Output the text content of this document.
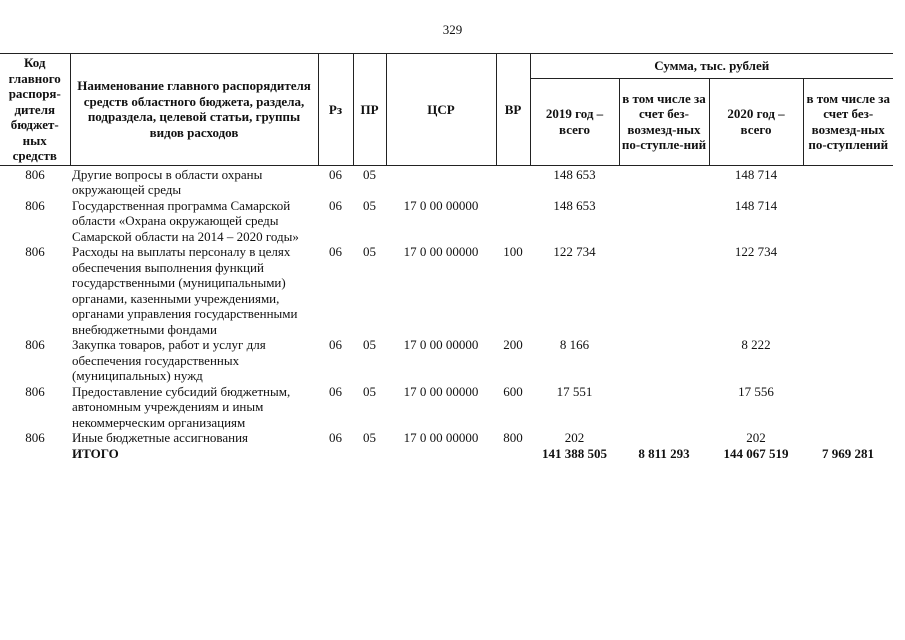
329
Код главного распоря-дителя бюджет-ных средств	Наименование главного распорядителя средств областного бюджета, раздела, подраздела, целевой статьи, группы видов расходов	Рз	ПР	ЦСР	ВР	Сумма, тыс. рублей			
						2019 год – всего	в том числе за счет без-возмезд-ных по-ступле-ний	2020 год – всего	в том числе за счет без-возмезд-ных по-ступлений
806	Другие вопросы в области охраны окружающей среды	06	05			148 653		148 714	
806	Государственная программа Самарской области «Охрана окружающей среды Самарской области на 2014 – 2020 годы»	06	05	17 0 00 00000		148 653		148 714	
806	Расходы на выплаты персоналу в целях обеспечения выполнения функций государственными (муниципальными) органами, казенными учреждениями, органами управления государственными внебюджетными фондами	06	05	17 0 00 00000	100	122 734		122 734	
806	Закупка товаров, работ и услуг для обеспечения государственных (муниципальных) нужд	06	05	17 0 00 00000	200	8 166		8 222	
806	Предоставление субсидий бюджетным, автономным учреждениям и иным некоммерческим организациям	06	05	17 0 00 00000	600	17 551		17 556	
806	Иные бюджетные ассигнования	06	05	17 0 00 00000	800	202		202	
	ИТОГО					141 388 505	8 811 293	144 067 519	7 969 281
